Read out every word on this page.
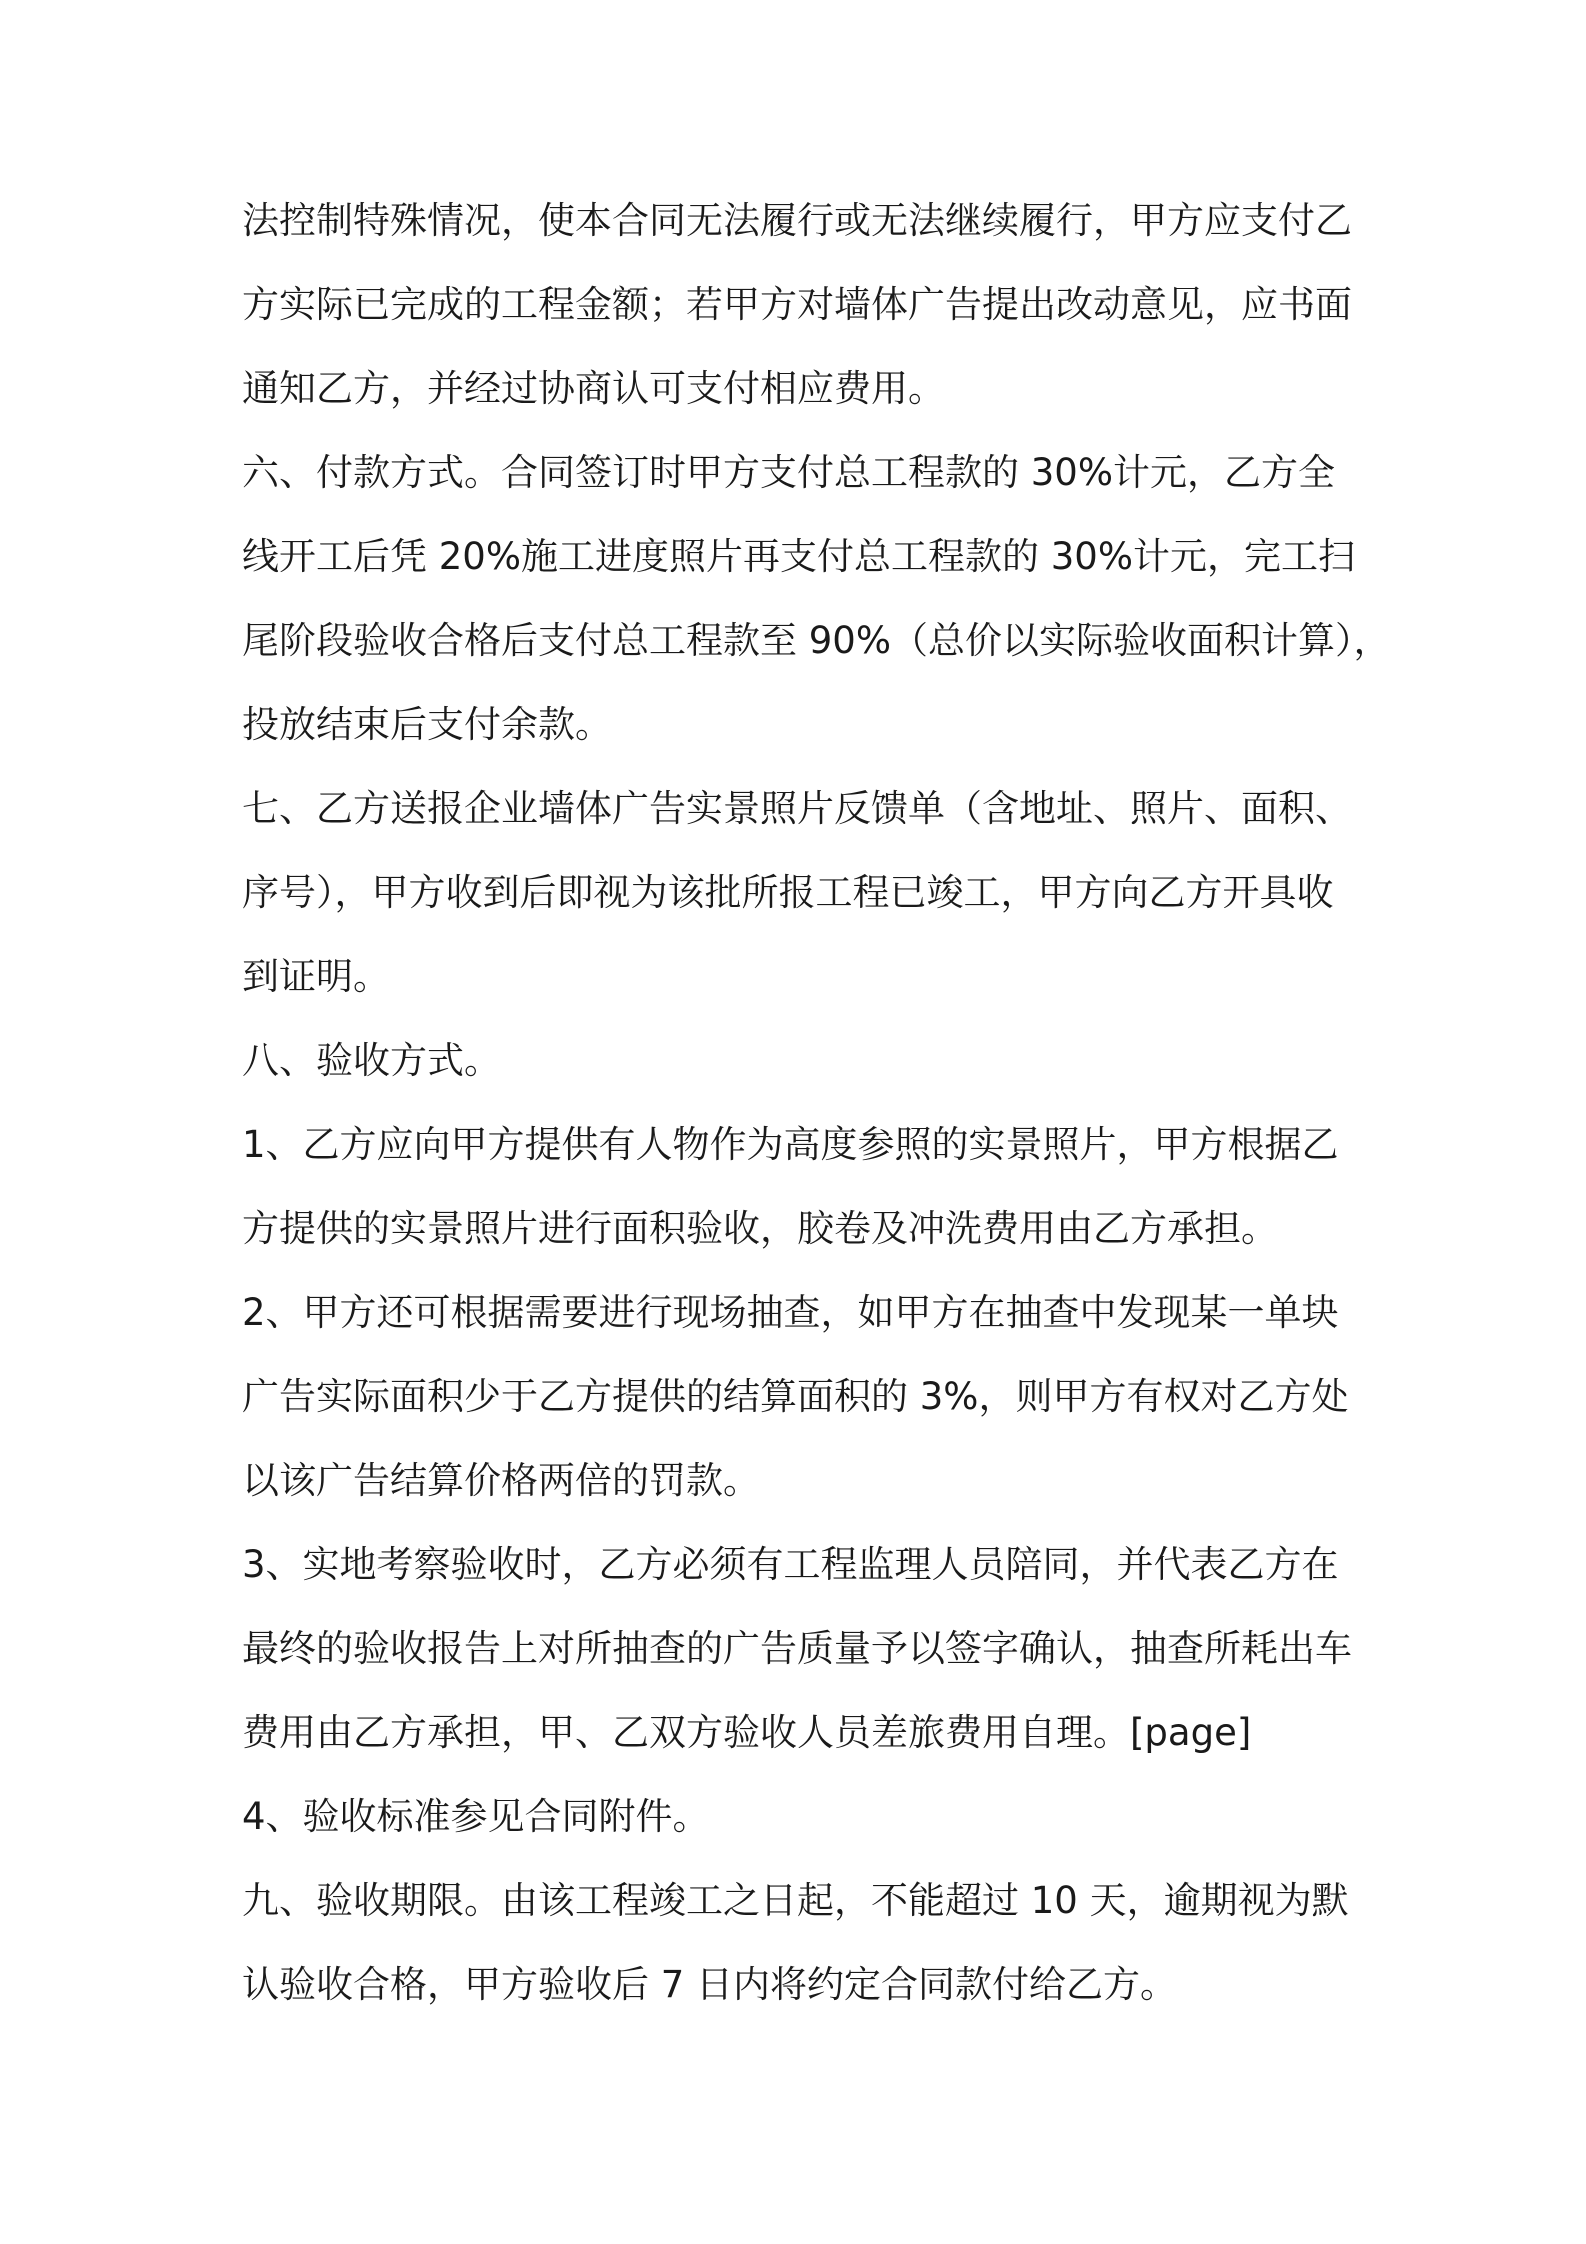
法控制特殊情况，使本合同无法履行或无法继续履行，甲方应支付乙
方实际已完成的工程金额；若甲方对墙体广告提出改动意见，应书面
通知乙方，并经过协商认可支付相应费用。
六、付款方式。合同签订时甲方支付总工程款的 30%计元，乙方全
线开工后凭 20%施工进度照片再支付总工程款的 30%计元，完工扫
尾阶段验收合格后支付总工程款至 90%（总价以实际验收面积计算），
投放结束后支付余款。
七、乙方送报企业墙体广告实景照片反馈单（含地址、照片、面积、
序号），甲方收到后即视为该批所报工程已竣工，甲方向乙方开具收
到证明。
八、验收方式。
1、乙方应向甲方提供有人物作为高度参照的实景照片，甲方根据乙
方提供的实景照片进行面积验收，胶卷及冲洗费用由乙方承担。
2、甲方还可根据需要进行现场抽查，如甲方在抽查中发现某一单块
广告实际面积少于乙方提供的结算面积的 3%，则甲方有权对乙方处
以该广告结算价格两倍的罚款。
3、实地考察验收时，乙方必须有工程监理人员陪同，并代表乙方在
最终的验收报告上对所抽查的广告质量予以签字确认，抽查所耗出车
费用由乙方承担，甲、乙双方验收人员差旅费用自理。[page]
4、验收标准参见合同附件。
九、验收期限。由该工程竣工之日起，不能超过 10 天，逾期视为默
认验收合格，甲方验收后 7 日内将约定合同款付给乙方。
